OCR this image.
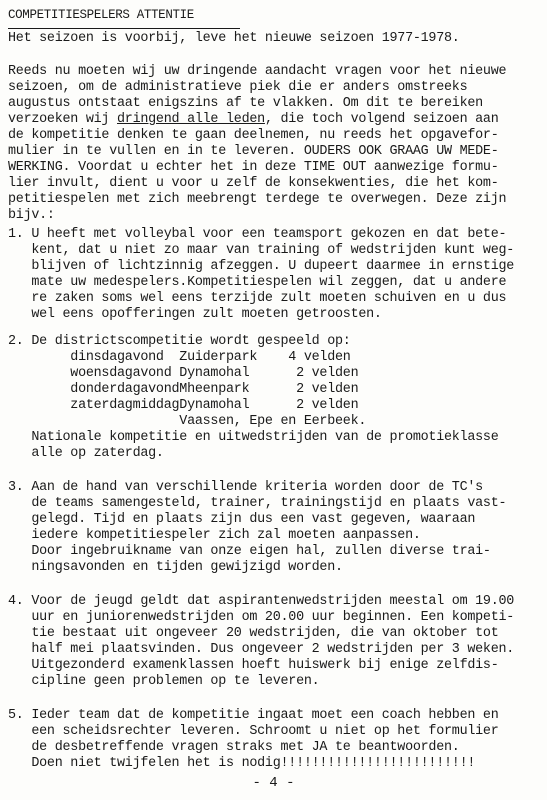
COMPETITIESPELERS ATTENTIE
Het seizoen is voorbij, leve het nieuwe seizoen 1977-1978.
Reeds nu moeten wij uw dringende aandacht vragen voor het nieuwe
seizoen, om de administratieve piek die er anders omstreeks
augustus ontstaat enigszins af te vlakken. Om dit te bereiken
verzoeken wij dringend alle leden, die toch volgend seizoen aan
de kompetitie denken te gaan deelnemen, nu reeds het opgavefor-
mulier in te vullen en in te leveren. OUDERS OOK GRAAG UW MEDE-
WERKING. Voordat u echter het in deze TIME OUT aanwezige formu-
lier invult, dient u voor u zelf de konsekwenties, die het kom-
petitiespelen met zich meebrengt terdege te overwegen. Deze zijn
bijv.:
1. U heeft met volleybal voor een teamsport gekozen en dat bete-
kent, dat u niet zo maar van training of wedstrijden kunt weg-
blijven of lichtzinnig afzeggen. U dupeert daarmee in ernstige
mate uw medespelers.Kompetitiespelen wil zeggen, dat u andere
re zaken soms wel eens terzijde zult moeten schuiven en u dus
wel eens opofferingen zult moeten getroosten.
2. De districtscompetitie wordt gespeeld op:
dinsdagavond  Zuiderpark    4 velden
woensdagavond Dynamohal      2 velden
donderdagavondMheenpark      2 velden
zaterdagmiddagDynamohal      2 velden
Vaassen, Epe en Eerbeek.
Nationale kompetitie en uitwedstrijden van de promotieklasse
alle op zaterdag.
3. Aan de hand van verschillende kriteria worden door de TC's
de teams samengesteld, trainer, trainingstijd en plaats vast-
gelegd. Tijd en plaats zijn dus een vast gegeven, waaraan
iedere kompetitiespeler zich zal moeten aanpassen.
Door ingebruikname van onze eigen hal, zullen diverse trai-
ningsavonden en tijden gewijzigd worden.
4. Voor de jeugd geldt dat aspirantenwedstrijden meestal om 19.00
uur en juniorenwedstrijden om 20.00 uur beginnen. Een kompeti-
tie bestaat uit ongeveer 20 wedstrijden, die van oktober tot
half mei plaatsvinden. Dus ongeveer 2 wedstrijden per 3 weken.
Uitgezonderd examenklassen hoeft huiswerk bij enige zelfdis-
cipline geen problemen op te leveren.
5. Ieder team dat de kompetitie ingaat moet een coach hebben en
een scheidsrechter leveren. Schroomt u niet op het formulier
de desbetreffende vragen straks met JA te beantwoorden.
Doen niet twijfelen het is nodig!!!!!!!!!!!!!!!!!!!!!!!!!
- 4 -
